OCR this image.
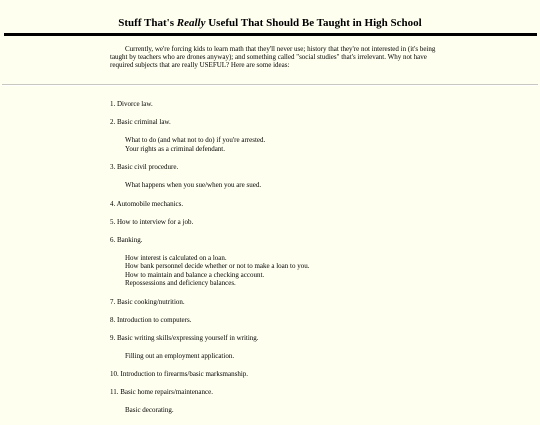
Stuff That's Really Useful That Should Be Taught in High School

Currently, we're forcing kids to learn math that they'll never use; history that they're not interested in (it's being taught by teachers who are drones anyway); and something called "social studies" that's irrelevant. Why not have required subjects that are really USEFUL? Here are some ideas:

1. Divorce law.
2. Basic criminal law.
What to do (and what not to do) if you're arrested.
Your rights as a criminal defendant.
3. Basic civil procedure.
What happens when you sue/when you are sued.
4. Automobile mechanics.
5. How to interview for a job.
6. Banking.
How interest is calculated on a loan.
How bank personnel decide whether or not to make a loan to you.
How to maintain and balance a checking account.
Repossessions and deficiency balances.
7. Basic cooking/nutrition.
8. Introduction to computers.
9. Basic writing skills/expressing yourself in writing.
Filling out an employment application.
10. Introduction to firearms/basic marksmanship.
11. Basic home repairs/maintenance.
Basic decorating.
